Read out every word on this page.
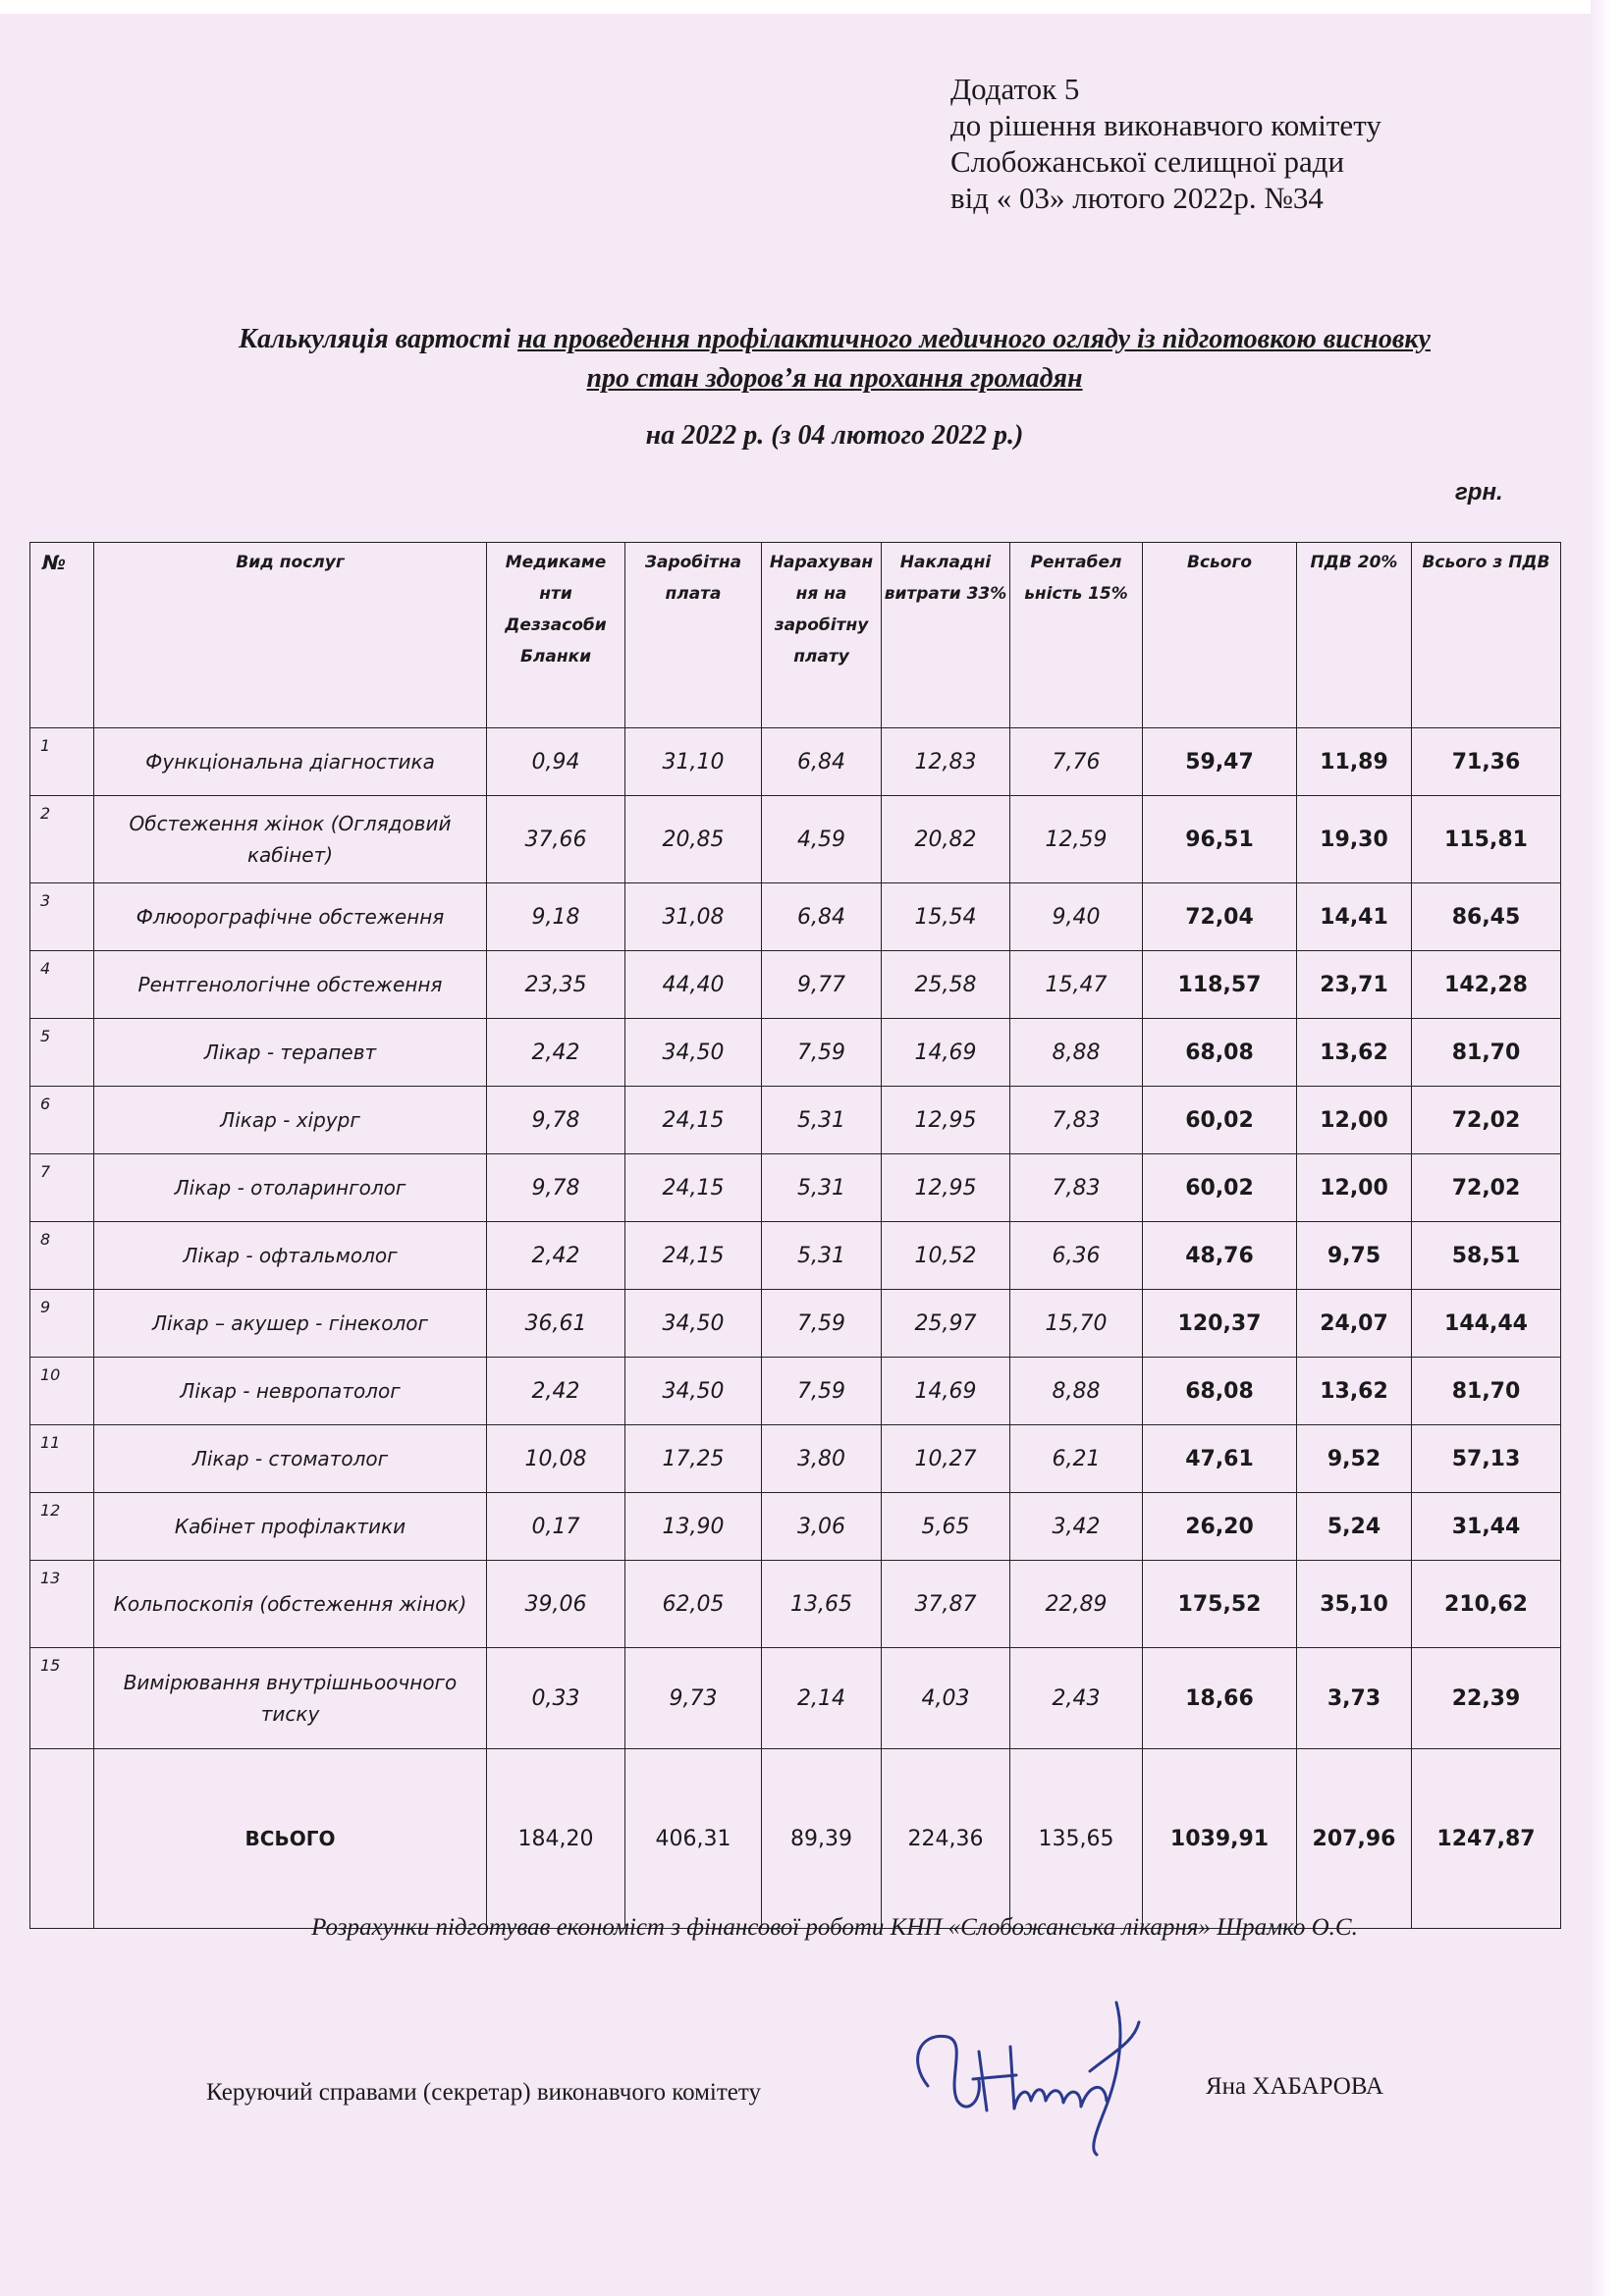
Додаток 5
до рішення виконавчого комітету
Слобожанської селищної ради
від « 03» лютого 2022р. №34
Калькуляція вартості на проведення профілактичного медичного огляду із підготовкою висновку
про стан здоров’я на прохання громадян
на 2022 р. (з 04 лютого 2022 р.)
грн.
№	Вид послуг	Медикаме нти Деззасоби Бланки	Заробітна плата	Нарахуван ня на заробітну плату	Накладні витрати 33%	Рентабел ьність 15%	Всього	ПДВ 20%	Всього з ПДВ
1	Функціональна діагностика	0,94	31,10	6,84	12,83	7,76	59,47	11,89	71,36
2	Обстеження жінок (Оглядовий кабінет)	37,66	20,85	4,59	20,82	12,59	96,51	19,30	115,81
3	Флюорографічне обстеження	9,18	31,08	6,84	15,54	9,40	72,04	14,41	86,45
4	Рентгенологічне обстеження	23,35	44,40	9,77	25,58	15,47	118,57	23,71	142,28
5	Лікар - терапевт	2,42	34,50	7,59	14,69	8,88	68,08	13,62	81,70
6	Лікар - хірург	9,78	24,15	5,31	12,95	7,83	60,02	12,00	72,02
7	Лікар - отоларинголог	9,78	24,15	5,31	12,95	7,83	60,02	12,00	72,02
8	Лікар - офтальмолог	2,42	24,15	5,31	10,52	6,36	48,76	9,75	58,51
9	Лікар – акушер - гінеколог	36,61	34,50	7,59	25,97	15,70	120,37	24,07	144,44
10	Лікар - невропатолог	2,42	34,50	7,59	14,69	8,88	68,08	13,62	81,70
11	Лікар - стоматолог	10,08	17,25	3,80	10,27	6,21	47,61	9,52	57,13
12	Кабінет профілактики	0,17	13,90	3,06	5,65	3,42	26,20	5,24	31,44
13	Кольпоскопія (обстеження жінок)	39,06	62,05	13,65	37,87	22,89	175,52	35,10	210,62
15	Вимірювання внутрішньоочного тиску	0,33	9,73	2,14	4,03	2,43	18,66	3,73	22,39
	ВСЬОГО	184,20	406,31	89,39	224,36	135,65	1039,91	207,96	1247,87
Розрахунки підготував економіст з фінансової роботи КНП «Слобожанська лікарня» Шрамко О.С.
Керуючий справами (секретар) виконавчого комітету	Яна ХАБАРОВА
